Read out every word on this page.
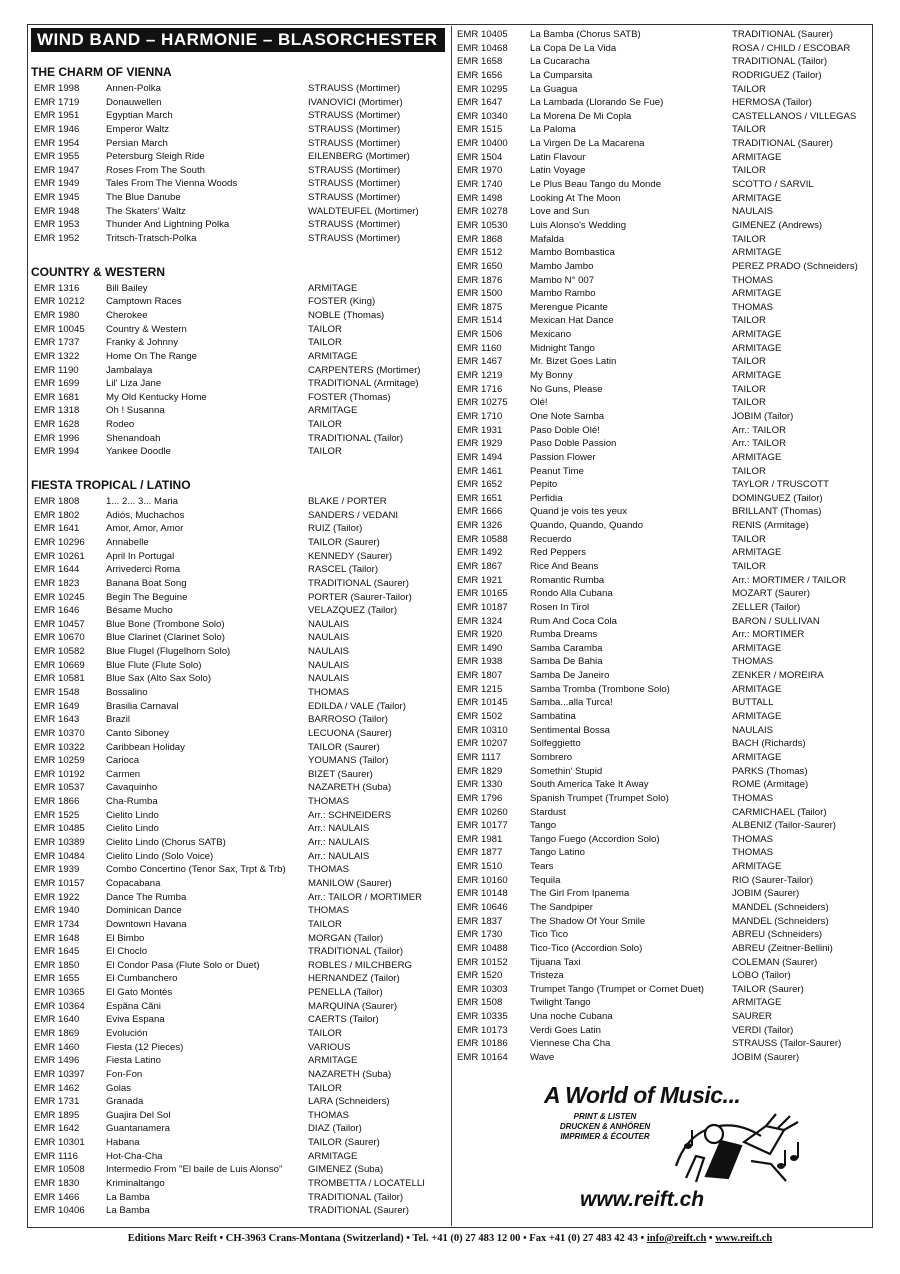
WIND BAND – HARMONIE – BLASORCHESTER
THE CHARM OF VIENNA
EMR 1998	Annen-Polka	STRAUSS (Mortimer)
EMR 1719	Donauwellen	IVANOVICI (Mortimer)
EMR 1951	Egyptian March	STRAUSS (Mortimer)
EMR 1946	Emperor Waltz	STRAUSS (Mortimer)
EMR 1954	Persian March	STRAUSS (Mortimer)
EMR 1955	Petersburg Sleigh Ride	EILENBERG (Mortimer)
EMR 1947	Roses From The South	STRAUSS (Mortimer)
EMR 1949	Tales From The Vienna Woods	STRAUSS (Mortimer)
EMR 1945	The Blue Danube	STRAUSS (Mortimer)
EMR 1948	The Skaters' Waltz	WALDTEUFEL (Mortimer)
EMR 1953	Thunder And Lightning Polka	STRAUSS (Mortimer)
EMR 1952	Tritsch-Tratsch-Polka	STRAUSS (Mortimer)
COUNTRY & WESTERN
EMR 1316	Bill Bailey	ARMITAGE
EMR 10212	Camptown Races	FOSTER (King)
EMR 1980	Cherokee	NOBLE (Thomas)
EMR 10045	Country & Western	TAILOR
EMR 1737	Franky & Johnny	TAILOR
EMR 1322	Home On The Range	ARMITAGE
EMR 1190	Jambalaya	CARPENTERS (Mortimer)
EMR 1699	Lil' Liza Jane	TRADITIONAL (Armitage)
EMR 1681	My Old Kentucky Home	FOSTER (Thomas)
EMR 1318	Oh ! Susanna	ARMITAGE
EMR 1628	Rodeo	TAILOR
EMR 1996	Shenandoah	TRADITIONAL (Tailor)
EMR 1994	Yankee Doodle	TAILOR
FIESTA TROPICAL / LATINO
EMR 1808	1... 2... 3... Maria	BLAKE / PORTER
EMR 1802	Adiós, Muchachos	SANDERS / VEDANI
EMR 1641	Amor, Amor, Amor	RUIZ (Tailor)
EMR 10296	Annabelle	TAILOR (Saurer)
EMR 10261	April In Portugal	KENNEDY (Saurer)
EMR 1644	Arrivederci Roma	RASCEL (Tailor)
EMR 1823	Banana Boat Song	TRADITIONAL (Saurer)
EMR 10245	Begin The Beguine	PORTER (Saurer-Tailor)
EMR 1646	Bésame Mucho	VELAZQUEZ (Tailor)
EMR 10457	Blue Bone (Trombone Solo)	NAULAIS
EMR 10670	Blue Clarinet (Clarinet Solo)	NAULAIS
EMR 10582	Blue Flugel (Flugelhorn Solo)	NAULAIS
EMR 10669	Blue Flute (Flute Solo)	NAULAIS
EMR 10581	Blue Sax (Alto Sax Solo)	NAULAIS
EMR 1548	Bossalino	THOMAS
EMR 1649	Brasilia Carnaval	EDILDA / VALE (Tailor)
EMR 1643	Brazil	BARROSO (Tailor)
EMR 10370	Canto Siboney	LECUONA (Saurer)
EMR 10322	Caribbean Holiday	TAILOR (Saurer)
EMR 10259	Carioca	YOUMANS (Tailor)
EMR 10192	Carmen	BIZET (Saurer)
EMR 10537	Cavaquinho	NAZARETH (Suba)
EMR 1866	Cha-Rumba	THOMAS
EMR 1525	Cielito Lindo	Arr.: SCHNEIDERS
EMR 10485	Cielito Lindo	Arr.: NAULAIS
EMR 10389	Cielito Lindo (Chorus SATB)	Arr.: NAULAIS
EMR 10484	Cielito Lindo (Solo Voice)	Arr.: NAULAIS
EMR 1939	Combo Concertino (Tenor Sax, Trpt & Trb)	THOMAS
EMR 10157	Copacabana	MANILOW (Saurer)
EMR 1922	Dance The Rumba	Arr.: TAILOR / MORTIMER
EMR 1940	Dominican Dance	THOMAS
EMR 1734	Downtown Havana	TAILOR
EMR 1648	El Bimbo	MORGAN (Tailor)
EMR 1645	El Choclo	TRADITIONAL (Tailor)
EMR 1850	El Condor Pasa (Flute Solo or Duet)	ROBLES / MILCHBERG
EMR 1655	El Cumbanchero	HERNANDEZ (Tailor)
EMR 10365	El Gato Montés	PENELLA (Tailor)
EMR 10364	Espãna Cãni	MARQUINA (Saurer)
EMR 1640	Eviva Espana	CAERTS (Tailor)
EMR 1869	Evolución	TAILOR
EMR 1460	Fiesta (12 Pieces)	VARIOUS
EMR 1496	Fiesta Latino	ARMITAGE
EMR 10397	Fon-Fon	NAZARETH (Suba)
EMR 1462	Golas	TAILOR
EMR 1731	Granada	LARA (Schneiders)
EMR 1895	Guajira Del Sol	THOMAS
EMR 1642	Guantanamera	DIAZ (Tailor)
EMR 10301	Habana	TAILOR (Saurer)
EMR 1116	Hot-Cha-Cha	ARMITAGE
EMR 10508	Intermedio From "El baile de Luis Alonso"	GIMENEZ (Suba)
EMR 1830	Kriminaltango	TROMBETTA / LOCATELLI
EMR 1466	La Bamba	TRADITIONAL (Tailor)
EMR 10406	La Bamba	TRADITIONAL (Saurer)
EMR 10405	La Bamba (Chorus SATB)	TRADITIONAL (Saurer)
EMR 10468	La Copa De La Vida	ROSA / CHILD / ESCOBAR
EMR 1658	La Cucaracha	TRADITIONAL (Tailor)
EMR 1656	La Cumparsita	RODRIGUEZ (Tailor)
EMR 10295	La Guagua	TAILOR
EMR 1647	La Lambada (Llorando Se Fue)	HERMOSA (Tailor)
EMR 10340	La Morena De Mi Copla	CASTELLANOS / VILLEGAS
EMR 1515	La Paloma	TAILOR
EMR 10400	La Virgen De La Macarena	TRADITIONAL (Saurer)
EMR 1504	Latin Flavour	ARMITAGE
EMR 1970	Latin Voyage	TAILOR
EMR 1740	Le Plus Beau Tango du Monde	SCOTTO / SARVIL
EMR 1498	Looking At The Moon	ARMITAGE
EMR 10278	Love and Sun	NAULAIS
EMR 10530	Luis Alonso's Wedding	GIMENEZ (Andrews)
EMR 1868	Mafalda	TAILOR
EMR 1512	Mambo Bombastica	ARMITAGE
EMR 1650	Mambo Jambo	PEREZ PRADO (Schneiders)
EMR 1876	Mambo N° 007	THOMAS
EMR 1500	Mambo Rambo	ARMITAGE
EMR 1875	Merengue Picante	THOMAS
EMR 1514	Mexican Hat Dance	TAILOR
EMR 1506	Mexicano	ARMITAGE
EMR 1160	Midnight Tango	ARMITAGE
EMR 1467	Mr. Bizet Goes Latin	TAILOR
EMR 1219	My Bonny	ARMITAGE
EMR 1716	No Guns, Please	TAILOR
EMR 10275	Olé!	TAILOR
EMR 1710	One Note Samba	JOBIM (Tailor)
EMR 1931	Paso Doble Olé!	Arr.: TAILOR
EMR 1929	Paso Doble Passion	Arr.: TAILOR
EMR 1494	Passion Flower	ARMITAGE
EMR 1461	Peanut Time	TAILOR
EMR 1652	Pepito	TAYLOR / TRUSCOTT
EMR 1651	Perfidia	DOMINGUEZ (Tailor)
EMR 1666	Quand je vois tes yeux	BRILLANT (Thomas)
EMR 1326	Quando, Quando, Quando	RENIS (Armitage)
EMR 10588	Recuerdo	TAILOR
EMR 1492	Red Peppers	ARMITAGE
EMR 1867	Rice And Beans	TAILOR
EMR 1921	Romantic Rumba	Arr.: MORTIMER / TAILOR
EMR 10165	Rondo Alla Cubana	MOZART (Saurer)
EMR 10187	Rosen In Tirol	ZELLER (Tailor)
EMR 1324	Rum And Coca Cola	BARON / SULLIVAN
EMR 1920	Rumba Dreams	Arr.: MORTIMER
EMR 1490	Samba Caramba	ARMITAGE
EMR 1938	Samba De Bahia	THOMAS
EMR 1807	Samba De Janeiro	ZENKER / MOREIRA
EMR 1215	Samba Tromba (Trombone Solo)	ARMITAGE
EMR 10145	Samba...alla Turca!	BUTTALL
EMR 1502	Sambatina	ARMITAGE
EMR 10310	Sentimental Bossa	NAULAIS
EMR 10207	Solfeggietto	BACH (Richards)
EMR 1117	Sombrero	ARMITAGE
EMR 1829	Somethin' Stupid	PARKS (Thomas)
EMR 1330	South America Take It Away	ROME (Armitage)
EMR 1796	Spanish Trumpet (Trumpet Solo)	THOMAS
EMR 10260	Stardust	CARMICHAEL (Tailor)
EMR 10177	Tango	ALBENIZ (Tailor-Saurer)
EMR 1981	Tango Fuego (Accordion Solo)	THOMAS
EMR 1877	Tango Latino	THOMAS
EMR 1510	Tears	ARMITAGE
EMR 10160	Tequila	RIO (Saurer-Tailor)
EMR 10148	The Girl From Ipanema	JOBIM (Saurer)
EMR 10646	The Sandpiper	MANDEL (Schneiders)
EMR 1837	The Shadow Of Your Smile	MANDEL (Schneiders)
EMR 1730	Tico Tico	ABREU (Schneiders)
EMR 10488	Tico-Tico (Accordion Solo)	ABREU (Zeitner-Bellini)
EMR 10152	Tijuana Taxi	COLEMAN (Saurer)
EMR 1520	Tristeza	LOBO (Tailor)
EMR 10303	Trumpet Tango (Trumpet or Cornet Duet)	TAILOR (Saurer)
EMR 1508	Twilight Tango	ARMITAGE
EMR 10335	Una noche Cubana	SAURER
EMR 10173	Verdi Goes Latin	VERDI (Tailor)
EMR 10186	Viennese Cha Cha	STRAUSS (Tailor-Saurer)
EMR 10164	Wave	JOBIM (Saurer)
A World of Music...
PRINT & LISTEN
DRUCKEN & ANHÖREN
IMPRIMER & ÉCOUTER
www.reift.ch
Editions Marc Reift • CH-3963 Crans-Montana (Switzerland) • Tel. +41 (0) 27 483 12 00 • Fax +41 (0) 27 483 42 43 • info@reift.ch • www.reift.ch
